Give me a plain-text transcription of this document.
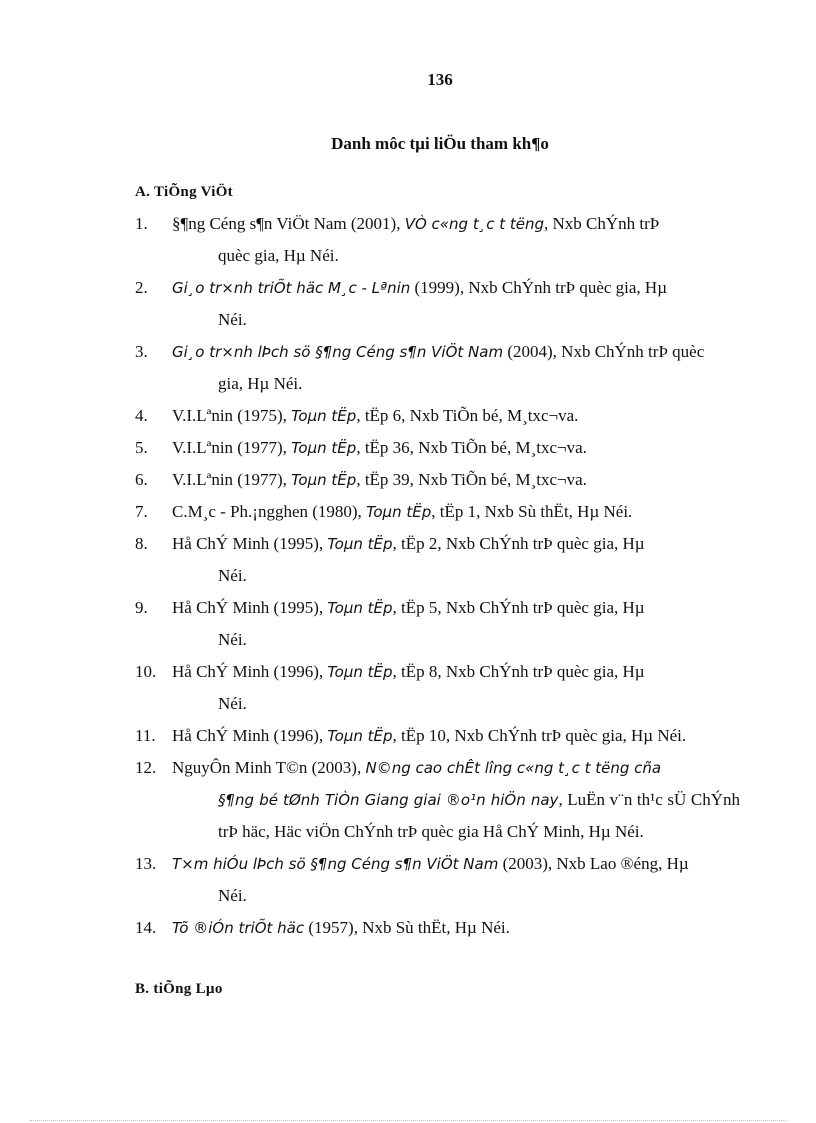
136
Danh môc tµi liÖu tham kh¶o
A. TiÕng ViÖt
1. §¶ng Céng s¶n ViÖt Nam (2001), VÒ c«ng t¸c t tëng, Nxb ChÝnh trÞ
quèc gia, Hµ Néi.
2. Gi¸o tr×nh triÕt häc M¸c - Lªnin (1999), Nxb ChÝnh trÞ quèc gia, Hµ
Néi.
3. Gi¸o tr×nh lÞch sö §¶ng Céng s¶n ViÖt Nam (2004), Nxb ChÝnh trÞ quèc
gia, Hµ Néi.
4. V.I.Lªnin (1975), Toµn tËp, tËp 6, Nxb TiÕn bé, M¸txc¬va.
5. V.I.Lªnin (1977), Toµn tËp, tËp 36, Nxb TiÕn bé, M¸txc¬va.
6. V.I.Lªnin (1977), Toµn tËp, tËp 39, Nxb TiÕn bé, M¸txc¬va.
7. C.M¸c - Ph.¡ngghen (1980), Toµn tËp, tËp 1, Nxb Sù thËt, Hµ Néi.
8. Hå ChÝ Minh (1995), Toµn tËp, tËp 2, Nxb ChÝnh trÞ quèc gia, Hµ
Néi.
9. Hå ChÝ Minh (1995), Toµn tËp, tËp 5, Nxb ChÝnh trÞ quèc gia, Hµ
Néi.
10. Hå ChÝ Minh (1996), Toµn tËp, tËp 8, Nxb ChÝnh trÞ quèc gia, Hµ
Néi.
11. Hå ChÝ Minh (1996), Toµn tËp, tËp 10, Nxb ChÝnh trÞ quèc gia, Hµ Néi.
12. NguyÔn Minh T©n (2003), N©ng cao chÊt lîng c«ng t¸c t tëng cña
§¶ng bé tØnh TiÒn Giang giai ®o¹n hiÖn nay, LuËn v¨n th¹c sÜ ChÝnh trÞ häc, Häc viÖn ChÝnh trÞ quèc gia Hå ChÝ Minh, Hµ Néi.
13. T×m hiÓu lÞch sö §¶ng Céng s¶n ViÖt Nam (2003), Nxb Lao ®éng, Hµ
Néi.
14. Tõ ®iÓn triÕt häc (1957), Nxb Sù thËt, Hµ Néi.
B. tiÕng Lµo
